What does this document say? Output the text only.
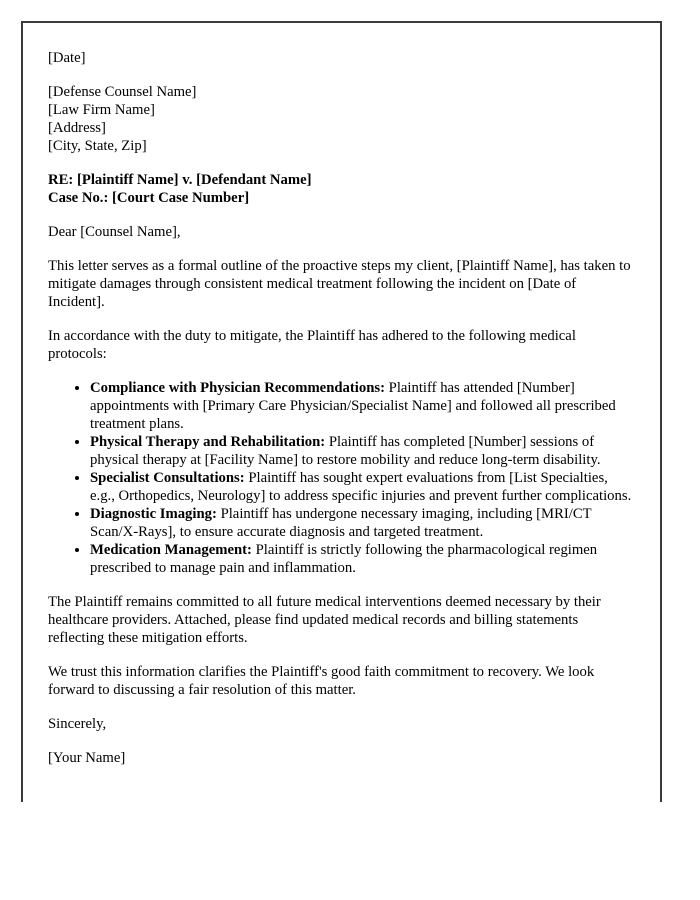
[Date]

[Defense Counsel Name]
[Law Firm Name]
[Address]
[City, State, Zip]
RE: [Plaintiff Name] v. [Defendant Name]
Case No.: [Court Case Number]

Dear [Counsel Name],

This letter serves as a formal outline of the proactive steps my client, [Plaintiff Name], has taken to mitigate damages through consistent medical treatment following the incident on [Date of Incident].

In accordance with the duty to mitigate, the Plaintiff has adhered to the following medical protocols:

• Compliance with Physician Recommendations: Plaintiff has attended [Number] appointments with [Primary Care Physician/Specialist Name] and followed all prescribed treatment plans.
• Physical Therapy and Rehabilitation: Plaintiff has completed [Number] sessions of physical therapy at [Facility Name] to restore mobility and reduce long-term disability.
• Specialist Consultations: Plaintiff has sought expert evaluations from [List Specialties, e.g., Orthopedics, Neurology] to address specific injuries and prevent further complications.
• Diagnostic Imaging: Plaintiff has undergone necessary imaging, including [MRI/CT Scan/X-Rays], to ensure accurate diagnosis and targeted treatment.
• Medication Management: Plaintiff is strictly following the pharmacological regimen prescribed to manage pain and inflammation.

The Plaintiff remains committed to all future medical interventions deemed necessary by their healthcare providers. Attached, please find updated medical records and billing statements reflecting these mitigation efforts.

We trust this information clarifies the Plaintiff's good faith commitment to recovery. We look forward to discussing a fair resolution of this matter.

Sincerely,

[Your Name]
